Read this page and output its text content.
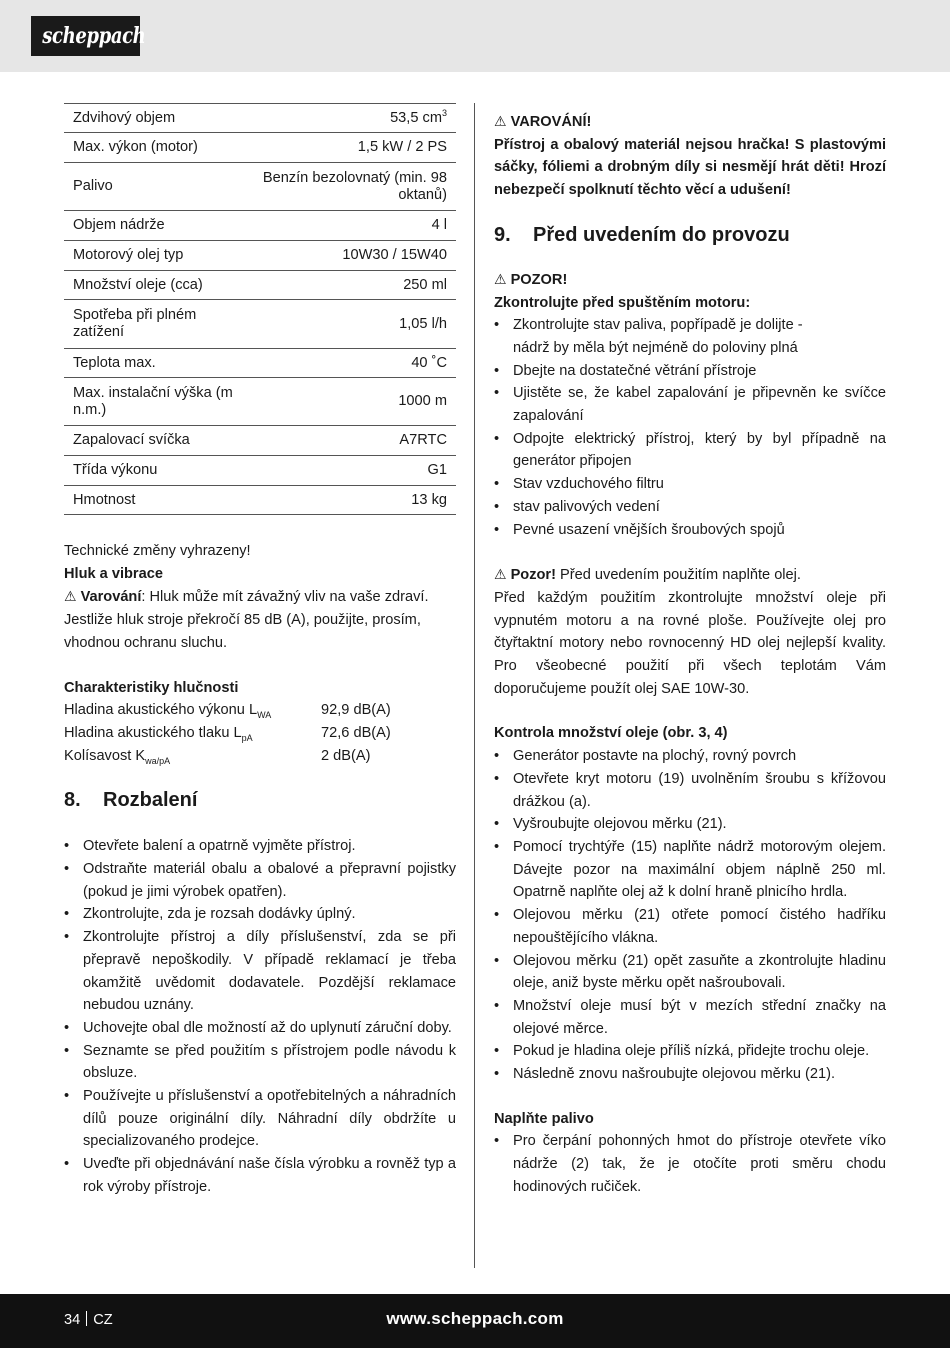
scheppach
Zdvihový objem	53,5 $cm^3$
Max. výkon (motor)	1,5 kW / 2 PS
Palivo	Benzín bezolovnatý (min. 98 oktanů)
Objem nádrže	4 l
Motorový olej typ	10W30 / 15W40
Množství oleje (cca)	250 ml
Spotřeba při plném zatížení	1,05 l/h
Teplota max.	40 ˚C
Max. instalační výška (m n.m.)	1000 m
Zapalovací svíčka	A7RTC
Třída výkonu	G1
Hmotnost	13 kg

Technické změny vyhrazeny!

Hluk a vibrace

⚠ Varování: Hluk může mít závažný vliv na vaše zdraví. Jestliže hluk stroje překročí 85 dB (A), použijte, prosím, vhodnou ochranu sluchu.

Charakteristiky hlučnosti

Hladina akustického výkonu $L_{WA}$	92,9 dB(A)
Hladina akustického tlaku $L_{pA}$	72,6 dB(A)
Kolísavost $K_{wa/pA}$	2 dB(A)
8. Rozbalení
• Otevřete balení a opatrně vyjměte přístroj.
• Odstraňte materiál obalu a obalové a přepravní pojistky (pokud je jimi výrobek opatřen).
• Zkontrolujte, zda je rozsah dodávky úplný.
• Zkontrolujte přístroj a díly příslušenství, zda se při přepravě nepoškodily. V případě reklamací je třeba okamžitě uvědomit dodavatele. Pozdější reklamace nebudou uznány.
• Uchovejte obal dle možností až do uplynutí záruční doby.
• Seznamte se před použitím s přístrojem podle návodu k obsluze.
• Používejte u příslušenství a opotřebitelných a náhradních dílů pouze originální díly. Náhradní díly obdržíte u specializovaného prodejce.
• Uveďte při objednávání naše čísla výrobku a rovněž typ a rok výroby přístroje.

⚠ VAROVÁNÍ!

Přístroj a obalový materiál nejsou hračka! S plastovými sáčky, fóliemi a drobným díly si nesmějí hrát děti! Hrozí nebezpečí spolknutí těchto věcí a udušení!

9. Před uvedením do provozu

⚠ POZOR!

Zkontrolujte před spuštěním motoru:

• Zkontrolujte stav paliva, popřípadě je dolijte - nádrž by měla být nejméně do poloviny plná
• Dbejte na dostatečné větrání přístroje
• Ujistěte se, že kabel zapalování je připevněn ke svíčce zapalování
• Odpojte elektrický přístroj, který by byl případně na generátor připojen
• Stav vzduchového filtru
• stav palivových vedení
• Pevné usazení vnějších šroubových spojů

⚠ Pozor! Před uvedením použitím naplňte olej.

Před každým použitím zkontrolujte množství oleje při vypnutém motoru a na rovné ploše. Používejte olej pro čtyřtaktní motory nebo rovnocenný HD olej nejlepší kvality. Pro všeobecné použití při všech teplotám Vám doporučujeme použít olej SAE 10W-30.

Kontrola množství oleje (obr. 3, 4)

• Generátor postavte na plochý, rovný povrch
• Otevřete kryt motoru (19) uvolněním šroubu s křížovou drážkou (a).
• Vyšroubujte olejovou měrku (21).
• Pomocí trychtýře (15) naplňte nádrž motorovým olejem. Dávejte pozor na maximální objem náplně 250 ml. Opatrně naplňte olej až k dolní hraně plnicího hrdla.
• Olejovou měrku (21) otřete pomocí čistého hadříku nepouštějícího vlákna.
• Olejovou měrku (21) opět zasuňte a zkontrolujte hladinu oleje, aniž byste měrku opět našroubovali.
• Množství oleje musí být v mezích střední značky na olejové měrce.
• Pokud je hladina oleje příliš nízká, přidejte trochu oleje.
• Následně znovu našroubujte olejovou měrku (21).

Naplňte palivo

• Pro čerpání pohonných hmot do přístroje otevřete víko nádrže (2) tak, že je otočíte proti směru chodu hodinových ručiček.
34 CZ	www.scheppach.com
